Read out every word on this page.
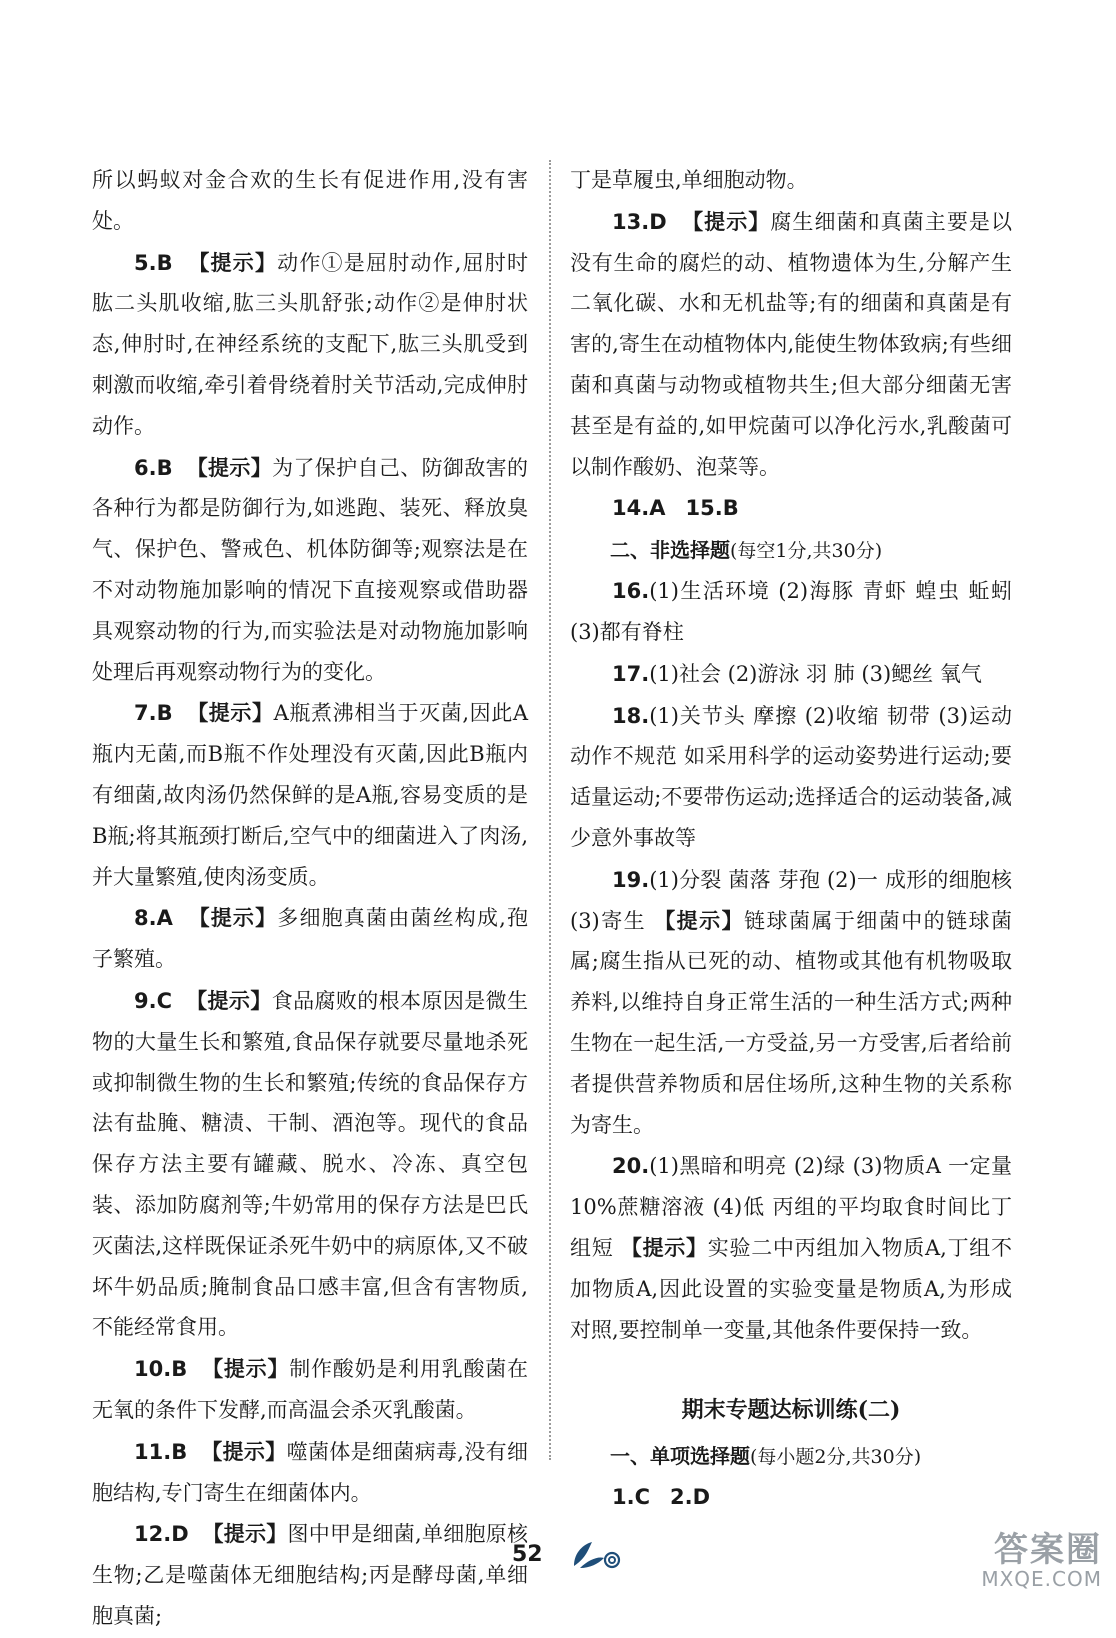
所以蚂蚁对金合欢的生长有促进作用,没有害处。

5.B 【提示】动作①是屈肘动作,屈肘时肱二头肌收缩,肱三头肌舒张;动作②是伸肘状态,伸肘时,在神经系统的支配下,肱三头肌受到刺激而收缩,牵引着骨绕着肘关节活动,完成伸肘动作。

6.B 【提示】为了保护自己、防御敌害的各种行为都是防御行为,如逃跑、装死、释放臭气、保护色、警戒色、机体防御等;观察法是在不对动物施加影响的情况下直接观察或借助器具观察动物的行为,而实验法是对动物施加影响处理后再观察动物行为的变化。

7.B 【提示】A瓶煮沸相当于灭菌,因此A瓶内无菌,而B瓶不作处理没有灭菌,因此B瓶内有细菌,故肉汤仍然保鲜的是A瓶,容易变质的是B瓶;将其瓶颈打断后,空气中的细菌进入了肉汤,并大量繁殖,使肉汤变质。

8.A 【提示】多细胞真菌由菌丝构成,孢子繁殖。

9.C 【提示】食品腐败的根本原因是微生物的大量生长和繁殖,食品保存就要尽量地杀死或抑制微生物的生长和繁殖;传统的食品保存方法有盐腌、糖渍、干制、酒泡等。现代的食品保存方法主要有罐藏、脱水、冷冻、真空包装、添加防腐剂等;牛奶常用的保存方法是巴氏灭菌法,这样既保证杀死牛奶中的病原体,又不破坏牛奶品质;腌制食品口感丰富,但含有害物质,不能经常食用。

10.B 【提示】制作酸奶是利用乳酸菌在无氧的条件下发酵,而高温会杀灭乳酸菌。

11.B 【提示】噬菌体是细菌病毒,没有细胞结构,专门寄生在细菌体内。

12.D 【提示】图中甲是细菌,单细胞原核生物;乙是噬菌体无细胞结构;丙是酵母菌,单细胞真菌;

丁是草履虫,单细胞动物。

13.D 【提示】腐生细菌和真菌主要是以没有生命的腐烂的动、植物遗体为生,分解产生二氧化碳、水和无机盐等;有的细菌和真菌是有害的,寄生在动植物体内,能使生物体致病;有些细菌和真菌与动物或植物共生;但大部分细菌无害甚至是有益的,如甲烷菌可以净化污水,乳酸菌可以制作酸奶、泡菜等。

14.A 15.B

二、非选择题(每空1分,共30分)

16.(1)生活环境 (2)海豚 青虾 蝗虫 蚯蚓 (3)都有脊柱

17.(1)社会 (2)游泳 羽 肺 (3)鳃丝 氧气

18.(1)关节头 摩擦 (2)收缩 韧带 (3)运动动作不规范 如采用科学的运动姿势进行运动;要适量运动;不要带伤运动;选择适合的运动装备,减少意外事故等

19.(1)分裂 菌落 芽孢 (2)一 成形的细胞核 (3)寄生 【提示】链球菌属于细菌中的链球菌属;腐生指从已死的动、植物或其他有机物吸取养料,以维持自身正常生活的一种生活方式;两种生物在一起生活,一方受益,另一方受害,后者给前者提供营养物质和居住场所,这种生物的关系称为寄生。

20.(1)黑暗和明亮 (2)绿 (3)物质A 一定量10%蔗糖溶液 (4)低 丙组的平均取食时间比丁组短 【提示】实验二中丙组加入物质A,丁组不加物质A,因此设置的实验变量是物质A,为形成对照,要控制单一变量,其他条件要保持一致。

期末专题达标训练(二)

一、单项选择题(每小题2分,共30分)

1.C 2.D

52	答案圈
MXQE.COM
